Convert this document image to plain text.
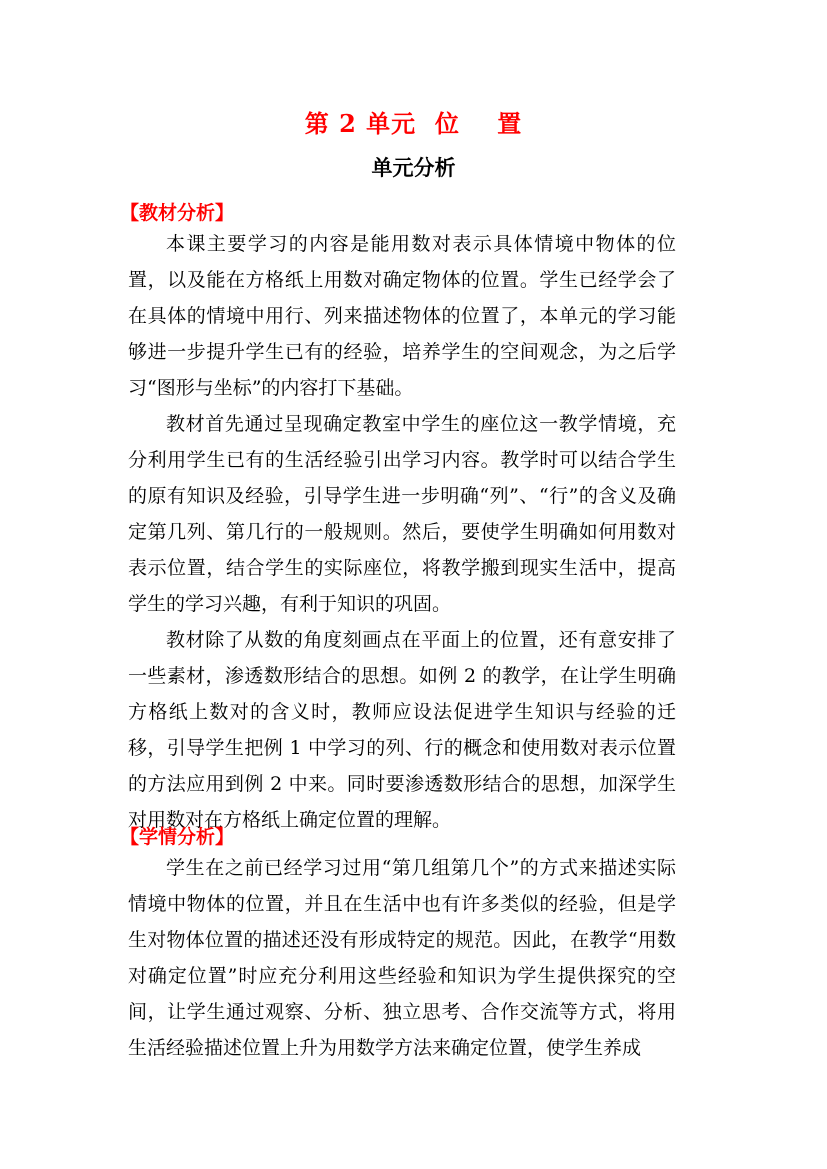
第 2 单元  位    置
单元分析
【教材分析】

本课主要学习的内容是能用数对表示具体情境中物体的位置，以及能在方格纸上用数对确定物体的位置。学生已经学会了在具体的情境中用行、列来描述物体的位置了，本单元的学习能够进一步提升学生已有的经验，培养学生的空间观念，为之后学习“图形与坐标”的内容打下基础。

教材首先通过呈现确定教室中学生的座位这一教学情境，充分利用学生已有的生活经验引出学习内容。教学时可以结合学生的原有知识及经验，引导学生进一步明确“列”、“行”的含义及确定第几列、第几行的一般规则。然后，要使学生明确如何用数对表示位置，结合学生的实际座位，将教学搬到现实生活中，提高学生的学习兴趣，有利于知识的巩固。

教材除了从数的角度刻画点在平面上的位置，还有意安排了一些素材，渗透数形结合的思想。如例 2 的教学，在让学生明确方格纸上数对的含义时，教师应设法促进学生知识与经验的迁移，引导学生把例 1 中学习的列、行的概念和使用数对表示位置的方法应用到例 2 中来。同时要渗透数形结合的思想，加深学生对用数对在方格纸上确定位置的理解。

【学情分析】

学生在之前已经学习过用“第几组第几个”的方式来描述实际情境中物体的位置，并且在生活中也有许多类似的经验，但是学生对物体位置的描述还没有形成特定的规范。因此，在教学“用数对确定位置”时应充分利用这些经验和知识为学生提供探究的空间，让学生通过观察、分析、独立思考、合作交流等方式，将用生活经验描述位置上升为用数学方法来确定位置，使学生养成
